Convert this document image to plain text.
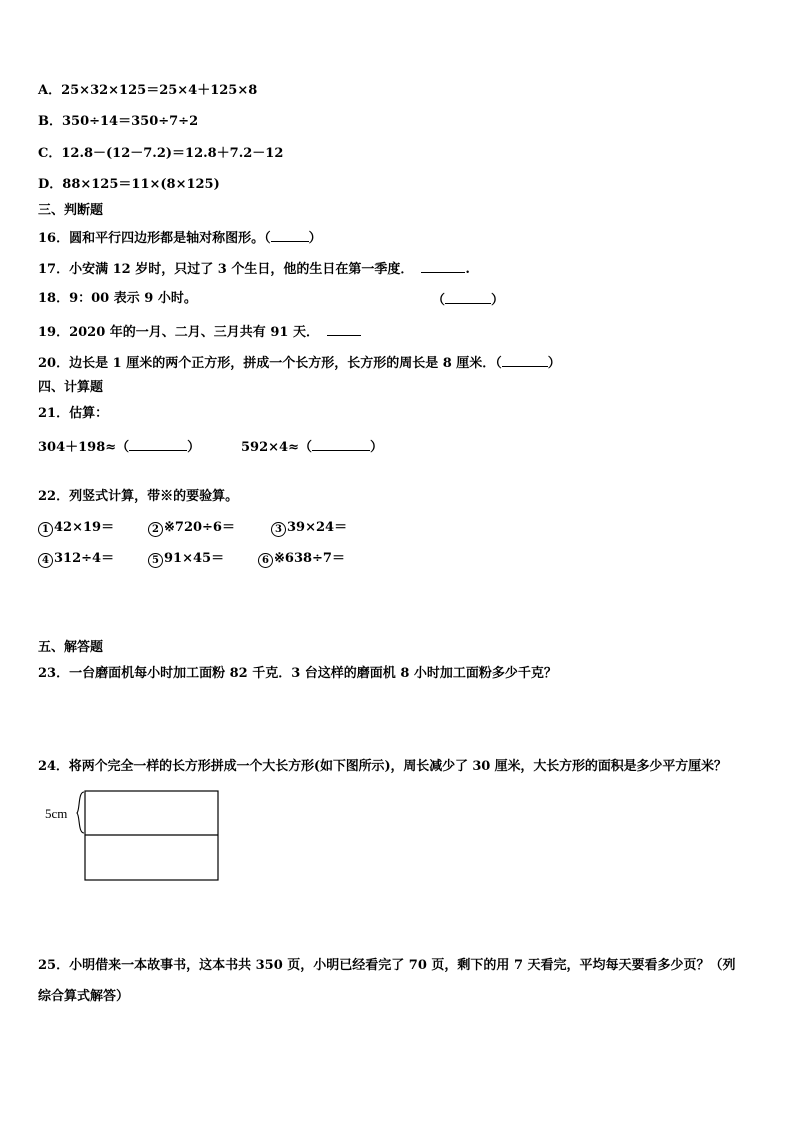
A．25×32×125＝25×4＋125×8
B．350÷14＝350÷7÷2
C．12.8－(12－7.2)＝12.8＋7.2－12
D．88×125＝11×(8×125)
三、判断题
16．圆和平行四边形都是轴对称图形。（	）
17．小安满 12 岁时，只过了 3 个生日，他的生日在第一季度．	.
18．9：00 表示 9 小时。	（	）
19．2020 年的一月、二月、三月共有 91 天．
20．边长是 1 厘米的两个正方形，拼成一个长方形，长方形的周长是 8 厘米．（	）
四、计算题
21．估算：
304＋198≈（	）	592×4≈（	）
22．列竖式计算，带※的要验算。
1 42×19＝	2 ※720÷6＝	3 39×24＝
4 312÷4＝	5 91×45＝	6 ※638÷7＝
五、解答题
23．一台磨面机每小时加工面粉 82 千克．3 台这样的磨面机 8 小时加工面粉多少千克？
24．将两个完全一样的长方形拼成一个大长方形(如下图所示)，周长减少了 30 厘米，大长方形的面积是多少平方厘米？
5cm
25．小明借来一本故事书，这本书共 350 页，小明已经看完了 70 页，剩下的用 7 天看完，平均每天要看多少页？（列
综合算式解答）
